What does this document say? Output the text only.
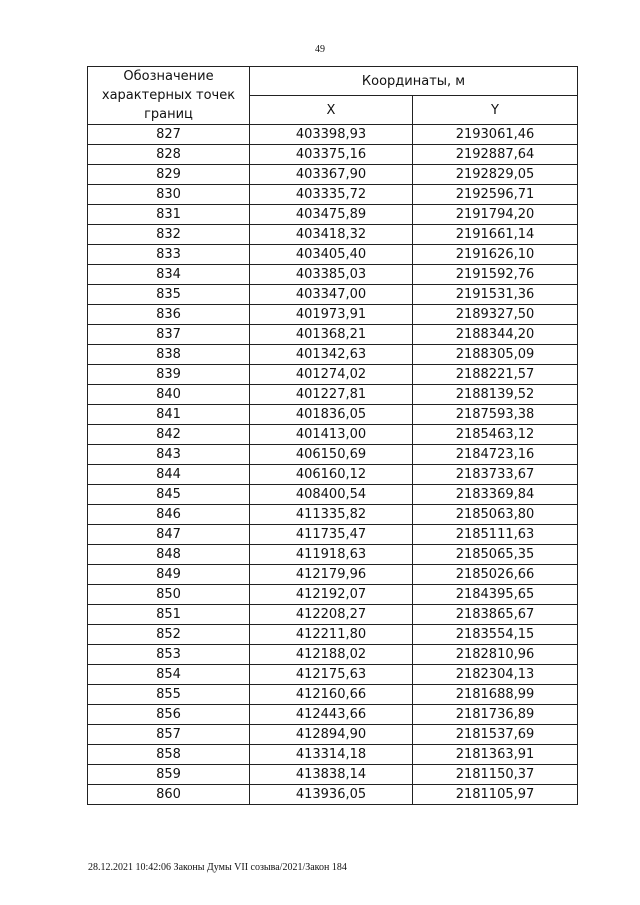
49
Обозначение характерных точек границ	Координаты, м	
	X	Y
827	403398,93	2193061,46
828	403375,16	2192887,64
829	403367,90	2192829,05
830	403335,72	2192596,71
831	403475,89	2191794,20
832	403418,32	2191661,14
833	403405,40	2191626,10
834	403385,03	2191592,76
835	403347,00	2191531,36
836	401973,91	2189327,50
837	401368,21	2188344,20
838	401342,63	2188305,09
839	401274,02	2188221,57
840	401227,81	2188139,52
841	401836,05	2187593,38
842	401413,00	2185463,12
843	406150,69	2184723,16
844	406160,12	2183733,67
845	408400,54	2183369,84
846	411335,82	2185063,80
847	411735,47	2185111,63
848	411918,63	2185065,35
849	412179,96	2185026,66
850	412192,07	2184395,65
851	412208,27	2183865,67
852	412211,80	2183554,15
853	412188,02	2182810,96
854	412175,63	2182304,13
855	412160,66	2181688,99
856	412443,66	2181736,89
857	412894,90	2181537,69
858	413314,18	2181363,91
859	413838,14	2181150,37
860	413936,05	2181105,97
28.12.2021 10:42:06 Законы Думы VII созыва/2021/Закон 184
